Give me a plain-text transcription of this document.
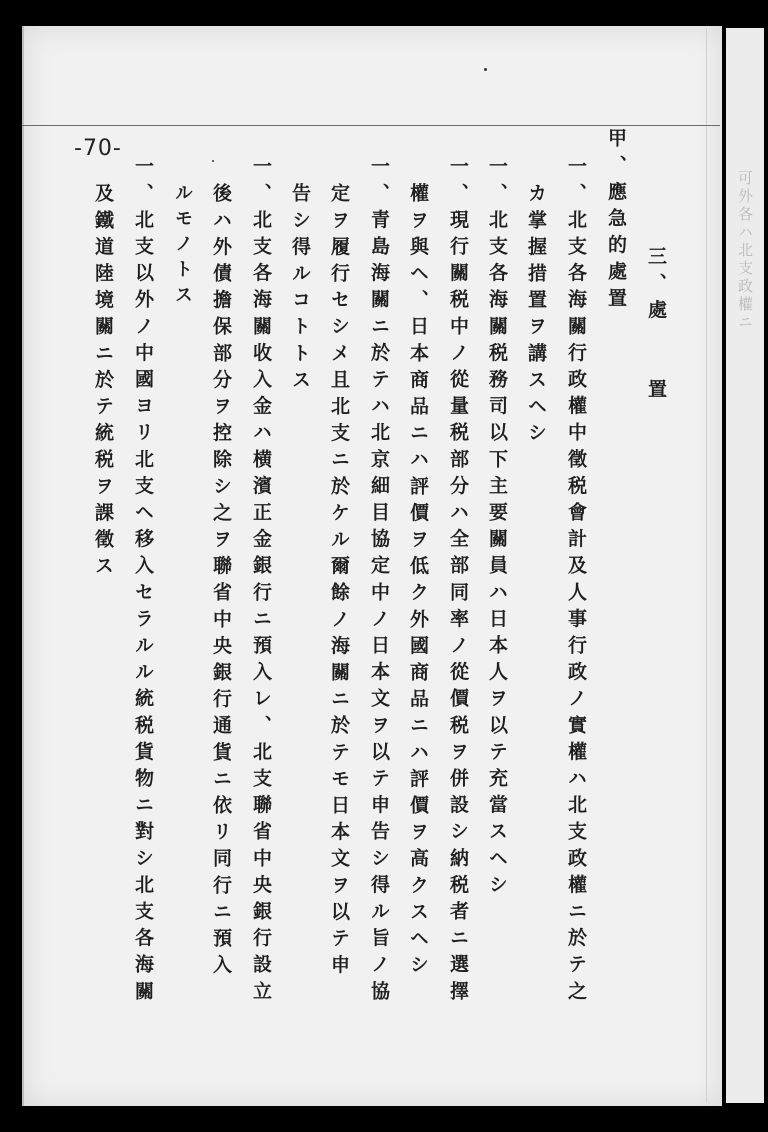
可外各ハ北支政權ニ
-70-
三、處　　置
甲、應急的處置
一、北支各海關行政權中徵税會計及人事行政ノ實權ハ北支政權ニ於テ之
カ掌握措置ヲ講スヘシ
一、北支各海關税務司以下主要關員ハ日本人ヲ以テ充當スヘシ
一、現行關税中ノ從量税部分ハ全部同率ノ從價税ヲ併設シ納税者ニ選擇
權ヲ與ヘ、日本商品ニハ評價ヲ低ク外國商品ニハ評價ヲ高クスヘシ
一、青島海關ニ於テハ北京細目協定中ノ日本文ヲ以テ申告シ得ル旨ノ協
定ヲ履行セシメ且北支ニ於ケル爾餘ノ海關ニ於テモ日本文ヲ以テ申
告シ得ルコトトス
一、北支各海關收入金ハ横濱正金銀行ニ預入レ、北支聯省中央銀行設立
後ハ外債擔保部分ヲ控除シ之ヲ聯省中央銀行通貨ニ依リ同行ニ預入
ルモノトス
一、北支以外ノ中國ヨリ北支ヘ移入セラルル統税貨物ニ對シ北支各海關
及鐵道陸境關ニ於テ統税ヲ課徵ス
